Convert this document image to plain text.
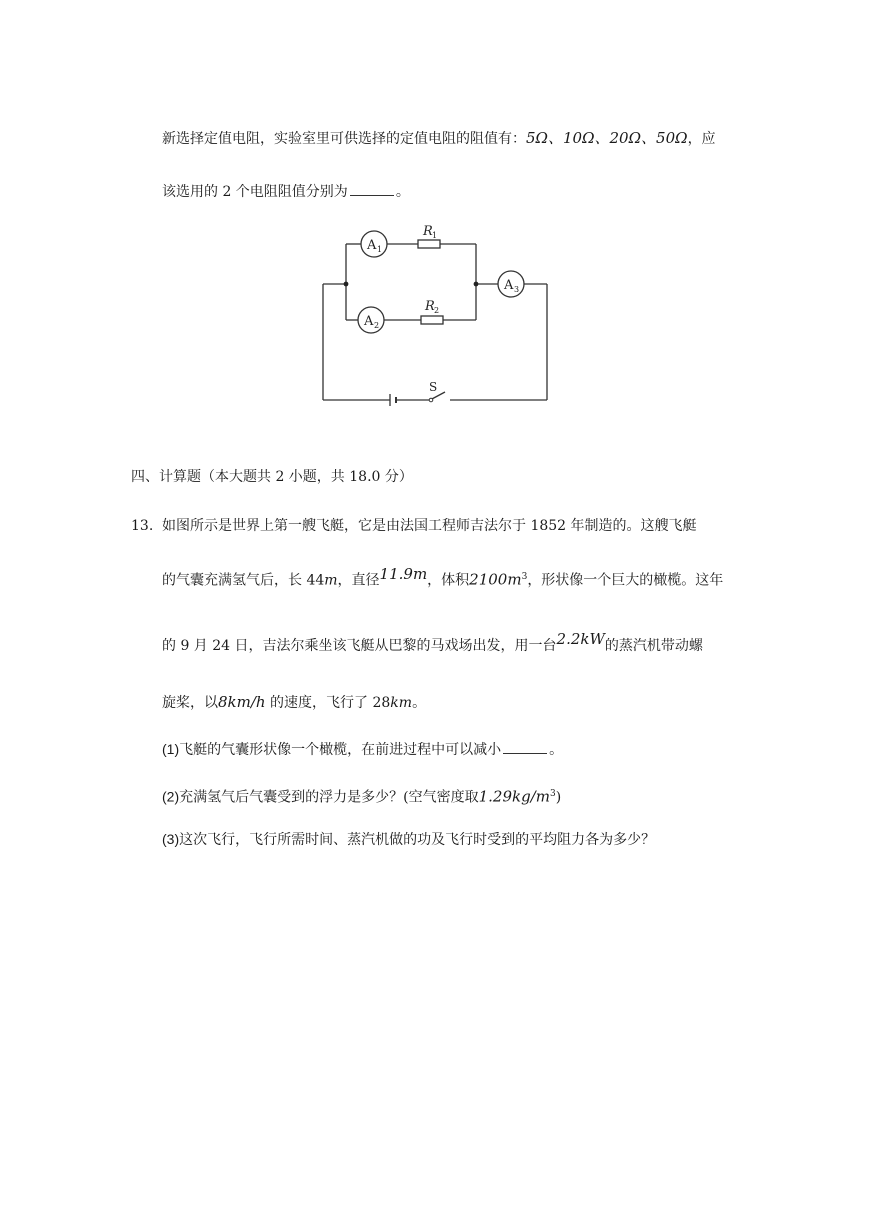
新选择定值电阻，实验室里可供选择的定值电阻的阻值有：5Ω、10Ω、20Ω、50Ω，应
该选用的 2 个电阻阻值分别为	。
A 1
A 2
A 3
R 1
R 2
S
四、计算题（本大题共 2 小题，共 18.0 分）
13. 如图所示是世界上第一艘飞艇，它是由法国工程师吉法尔于 1852 年制造的。这艘飞艇
的气囊充满氢气后，长 44m，直径11.9m，体积$2100m^3$，形状像一个巨大的橄榄。这年
的 9 月 24 日，吉法尔乘坐该飞艇从巴黎的马戏场出发，用一台2.2kW的蒸汽机带动螺
旋桨，以8km/h 的速度，飞行了 28km。
(1)飞艇的气囊形状像一个橄榄，在前进过程中可以减小	。
(2)充满氢气后气囊受到的浮力是多少？(空气密度取$1.29kg/m^3$)
(3)这次飞行，飞行所需时间、蒸汽机做的功及飞行时受到的平均阻力各为多少？
